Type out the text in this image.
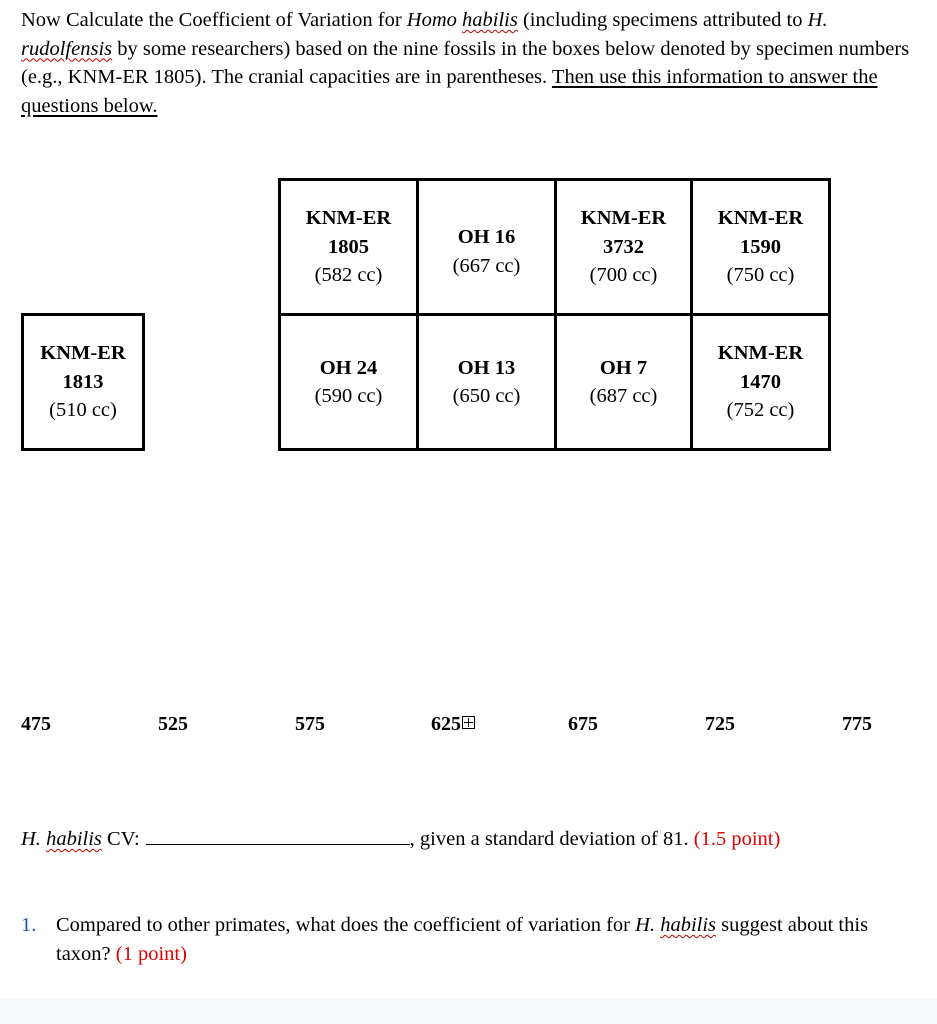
Now Calculate the Coefficient of Variation for Homo habilis (including specimens attributed to H. rudolfensis by some researchers) based on the nine fossils in the boxes below denoted by specimen numbers (e.g., KNM-ER 1805). The cranial capacities are in parentheses. Then use this information to answer the questions below.
KNM-ER
1813
(510 cc)
KNM-ER
1805
(582 cc)
OH 24
(590 cc)
OH 16
(667 cc)
OH 13
(650 cc)
KNM-ER
3732
(700 cc)
OH 7
(687 cc)
KNM-ER
1590
(750 cc)
KNM-ER
1470
(752 cc)
475	525	575	625	675	725	775
H. habilis CV:	, given a standard deviation of 81. (1.5 point)
1. Compared to other primates, what does the coefficient of variation for H. habilis suggest about this taxon? (1 point)
